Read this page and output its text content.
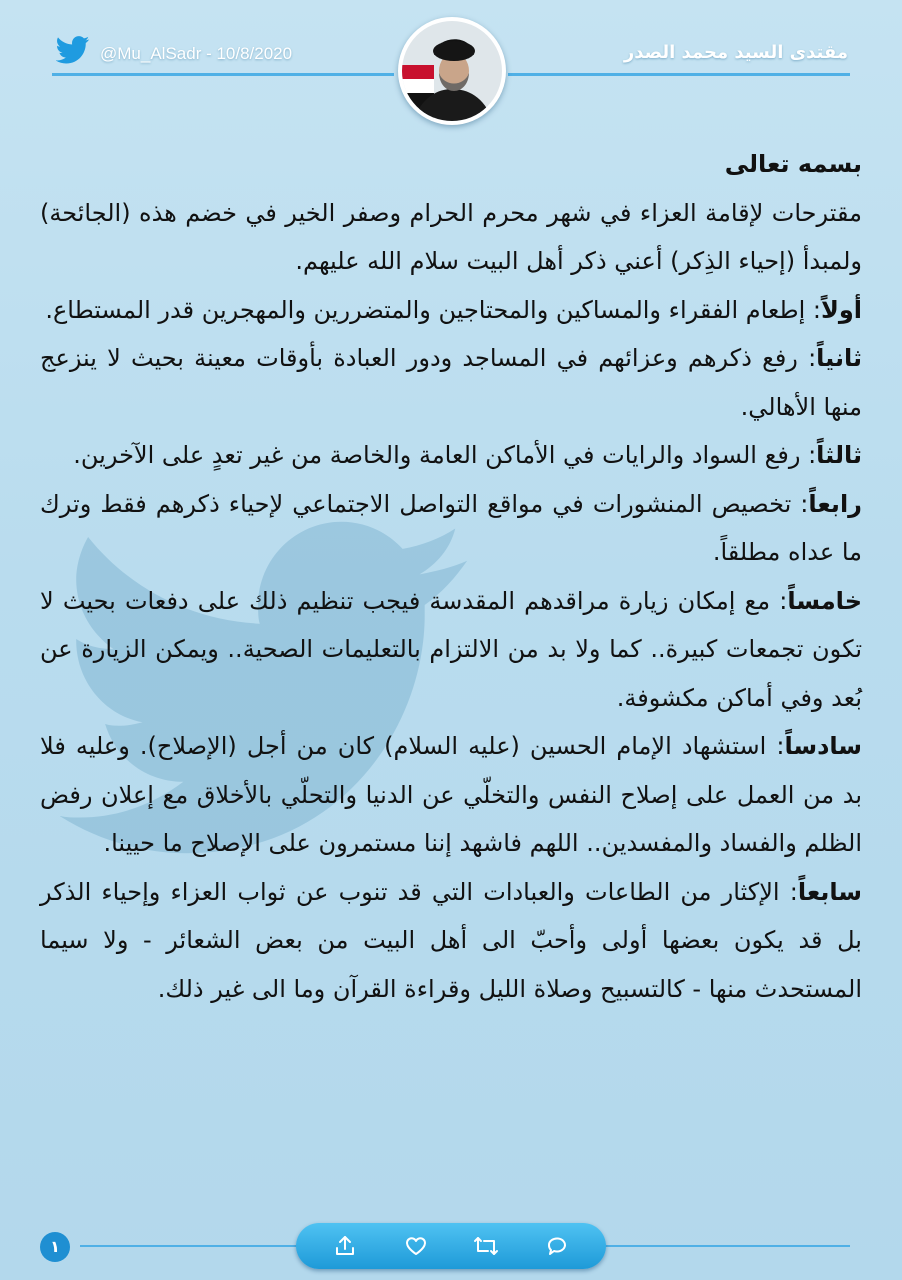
@Mu_AlSadr - 10/8/2020	مقتدى السيد محمد الصدر

بسمه تعالى

مقترحات لإقامة العزاء في شهر محرم الحرام وصفر الخير في خضم هذه (الجائحة) ولمبدأ (إحياء الذِكر) أعني ذكر أهل البيت سلام الله عليهم.

أولاً: إطعام الفقراء والمساكين والمحتاجين والمتضررين والمهجرين قدر المستطاع.

ثانياً: رفع ذكرهم وعزائهم في المساجد ودور العبادة بأوقات معينة بحيث لا ينزعج منها الأهالي.

ثالثاً: رفع السواد والرايات في الأماكن العامة والخاصة من غير تعدٍ على الآخرين.

رابعاً: تخصيص المنشورات في مواقع التواصل الاجتماعي لإحياء ذكرهم فقط وترك ما عداه مطلقاً.

خامساً: مع إمكان زيارة مراقدهم المقدسة فيجب تنظيم ذلك على دفعات بحيث لا تكون تجمعات كبيرة.. كما ولا بد من الالتزام بالتعليمات الصحية.. ويمكن الزيارة عن بُعد وفي أماكن مكشوفة.

سادساً: استشهاد الإمام الحسين (عليه السلام) كان من أجل (الإصلاح). وعليه فلا بد من العمل على إصلاح النفس والتخلّي عن الدنيا والتحلّي بالأخلاق مع إعلان رفض الظلم والفساد والمفسدين.. اللهم فاشهد إننا مستمرون على الإصلاح ما حيينا.

سابعاً: الإكثار من الطاعات والعبادات التي قد تنوب عن ثواب العزاء وإحياء الذكر بل قد يكون بعضها أولى وأحبّ الى أهل البيت من بعض الشعائر - ولا سيما المستحدث منها - كالتسبيح وصلاة الليل وقراءة القرآن وما الى غير ذلك.

١
